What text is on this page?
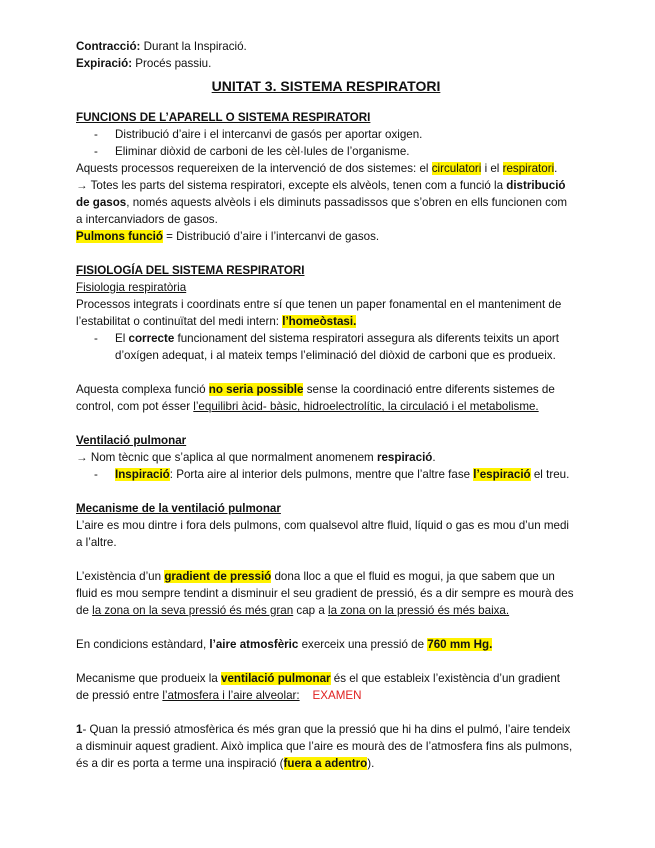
Contracció: Durant la Inspiració.

Expiració: Procés passiu.

UNITAT 3. SISTEMA RESPIRATORI

FUNCIONS DE L’APARELL O SISTEMA RESPIRATORI

- Distribució d’aire i el intercanvi de gasós per aportar oxigen.

- Eliminar diòxid de carboni de les cèl·lules de l’organisme.

Aquests processos requereixen de la intervenció de dos sistemes: el circulatori i el respiratori.

→ Totes les parts del sistema respiratori, excepte els alvèols, tenen com a funció la distribució de gasos, només aquests alvèols i els diminuts passadissos que s’obren en ells funcionen com a intercanviadors de gasos.

Pulmons funció = Distribució d’aire i l’intercanvi de gasos.

FISIOLOGÍA DEL SISTEMA RESPIRATORI

Fisiologia respiratòria

Processos integrats i coordinats entre sí que tenen un paper fonamental en el manteniment de l’estabilitat o continuïtat del medi intern: l’homeòstasi.

- El correcte funcionament del sistema respiratori assegura als diferents teixits un aport d’oxígen adequat, i al mateix temps l’eliminació del diòxid de carboni que es produeix.

Aquesta complexa funció no seria possible sense la coordinació entre diferents sistemes de control, com pot ésser l’equilibri àcid- bàsic, hidroelectrolític, la circulació i el metabolisme.

Ventilació pulmonar

→ Nom tècnic que s’aplica al que normalment anomenem respiració.

- Inspiració: Porta aire al interior dels pulmons, mentre que l’altre fase l’espiració el treu.

Mecanisme de la ventilació pulmonar

L’aire es mou dintre i fora dels pulmons, com qualsevol altre fluid, líquid o gas es mou d’un medi a l’altre.

L’existència d’un gradient de pressió dona lloc a que el fluid es mogui, ja que sabem que un fluid es mou sempre tendint a disminuir el seu gradient de pressió, és a dir sempre es mourà des de la zona on la seva pressió és més gran cap a la zona on la pressió és més baixa.

En condicions estàndard, l’aire atmosfèric exerceix una pressió de 760 mm Hg.

Mecanisme que produeix la ventilació pulmonar és el que estableix l’existència d’un gradient de pressió entre l’atmosfera i l’aire alveolar: EXAMEN

1- Quan la pressió atmosfèrica és més gran que la pressió que hi ha dins el pulmó, l’aire tendeix a disminuir aquest gradient. Això implica que l’aire es mourà des de l’atmosfera fins als pulmons, és a dir es porta a terme una inspiració (fuera a adentro).
